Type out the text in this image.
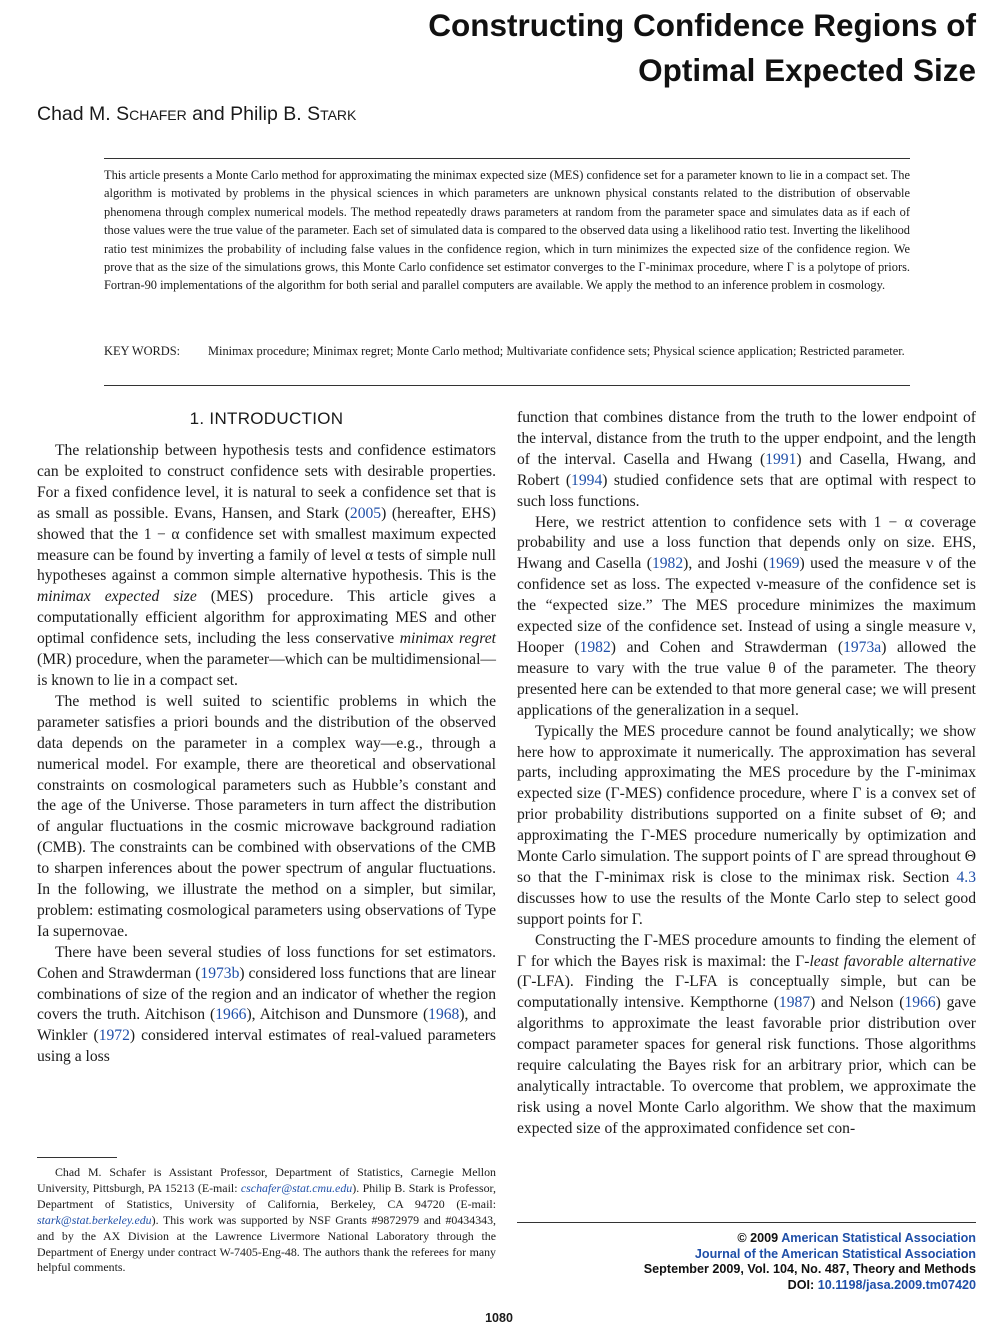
Constructing Confidence Regions of
Optimal Expected Size
Chad M. Schafer and Philip B. Stark

This article presents a Monte Carlo method for approximating the minimax expected size (MES) confidence set for a parameter known to lie in a compact set. The algorithm is motivated by problems in the physical sciences in which parameters are unknown physical constants related to the distribution of observable phenomena through complex numerical models. The method repeatedly draws parameters at random from the parameter space and simulates data as if each of those values were the true value of the parameter. Each set of simulated data is compared to the observed data using a likelihood ratio test. Inverting the likelihood ratio test minimizes the probability of including false values in the confidence region, which in turn minimizes the expected size of the confidence region. We prove that as the size of the simulations grows, this Monte Carlo confidence set estimator converges to the Γ-minimax procedure, where Γ is a polytope of priors. Fortran-90 implementations of the algorithm for both serial and parallel computers are available. We apply the method to an inference problem in cosmology.

KEY WORDS:	Minimax procedure; Minimax regret; Monte Carlo method; Multivariate confidence sets; Physical science application; Restricted parameter.
1. INTRODUCTION

The relationship between hypothesis tests and confidence estimators can be exploited to construct confidence sets with desirable properties. For a fixed confidence level, it is natural to seek a confidence set that is as small as possible. Evans, Hansen, and Stark (2005) (hereafter, EHS) showed that the 1 − α confidence set with smallest maximum expected measure can be found by inverting a family of level α tests of simple null hypotheses against a common simple alternative hypothesis. This is the minimax expected size (MES) procedure. This article gives a computationally efficient algorithm for approximating MES and other optimal confidence sets, including the less conservative minimax regret (MR) procedure, when the parameter—which can be multidimensional—is known to lie in a compact set.

The method is well suited to scientific problems in which the parameter satisfies a priori bounds and the distribution of the observed data depends on the parameter in a complex way—e.g., through a numerical model. For example, there are theoretical and observational constraints on cosmological parameters such as Hubble’s constant and the age of the Universe. Those parameters in turn affect the distribution of angular fluctuations in the cosmic microwave background radiation (CMB). The constraints can be combined with observations of the CMB to sharpen inferences about the power spectrum of angular fluctuations. In the following, we illustrate the method on a simpler, but similar, problem: estimating cosmological parameters using observations of Type Ia supernovae.

There have been several studies of loss functions for set estimators. Cohen and Strawderman (1973b) considered loss functions that are linear combinations of size of the region and an indicator of whether the region covers the truth. Aitchison (1966), Aitchison and Dunsmore (1968), and Winkler (1972) considered interval estimates of real-valued parameters using a loss

function that combines distance from the truth to the lower endpoint of the interval, distance from the truth to the upper endpoint, and the length of the interval. Casella and Hwang (1991) and Casella, Hwang, and Robert (1994) studied confidence sets that are optimal with respect to such loss functions.

Here, we restrict attention to confidence sets with 1 − α coverage probability and use a loss function that depends only on size. EHS, Hwang and Casella (1982), and Joshi (1969) used the measure ν of the confidence set as loss. The expected ν-measure of the confidence set is the “expected size.” The MES procedure minimizes the maximum expected size of the confidence set. Instead of using a single measure ν, Hooper (1982) and Cohen and Strawderman (1973a) allowed the measure to vary with the true value θ of the parameter. The theory presented here can be extended to that more general case; we will present applications of the generalization in a sequel.

Typically the MES procedure cannot be found analytically; we show here how to approximate it numerically. The approximation has several parts, including approximating the MES procedure by the Γ-minimax expected size (Γ-MES) confidence procedure, where Γ is a convex set of prior probability distributions supported on a finite subset of Θ; and approximating the Γ-MES procedure numerically by optimization and Monte Carlo simulation. The support points of Γ are spread throughout Θ so that the Γ-minimax risk is close to the minimax risk. Section 4.3 discusses how to use the results of the Monte Carlo step to select good support points for Γ.

Constructing the Γ-MES procedure amounts to finding the element of Γ for which the Bayes risk is maximal: the Γ-least favorable alternative (Γ-LFA). Finding the Γ-LFA is conceptually simple, but can be computationally intensive. Kempthorne (1987) and Nelson (1966) gave algorithms to approximate the least favorable prior distribution over compact parameter spaces for general risk functions. Those algorithms require calculating the Bayes risk for an arbitrary prior, which can be analytically intractable. To overcome that problem, we approximate the risk using a novel Monte Carlo algorithm. We show that the maximum expected size of the approximated confidence set con-

Chad M. Schafer is Assistant Professor, Department of Statistics, Carnegie Mellon University, Pittsburgh, PA 15213 (E-mail: cschafer@stat.cmu.edu). Philip B. Stark is Professor, Department of Statistics, University of California, Berkeley, CA 94720 (E-mail: stark@stat.berkeley.edu). This work was supported by NSF Grants #9872979 and #0434343, and by the AX Division at the Lawrence Livermore National Laboratory through the Department of Energy under contract W-7405-Eng-48. The authors thank the referees for many helpful comments.

© 2009 American Statistical Association
Journal of the American Statistical Association
September 2009, Vol. 104, No. 487, Theory and Methods
DOI: 10.1198/jasa.2009.tm07420
1080
